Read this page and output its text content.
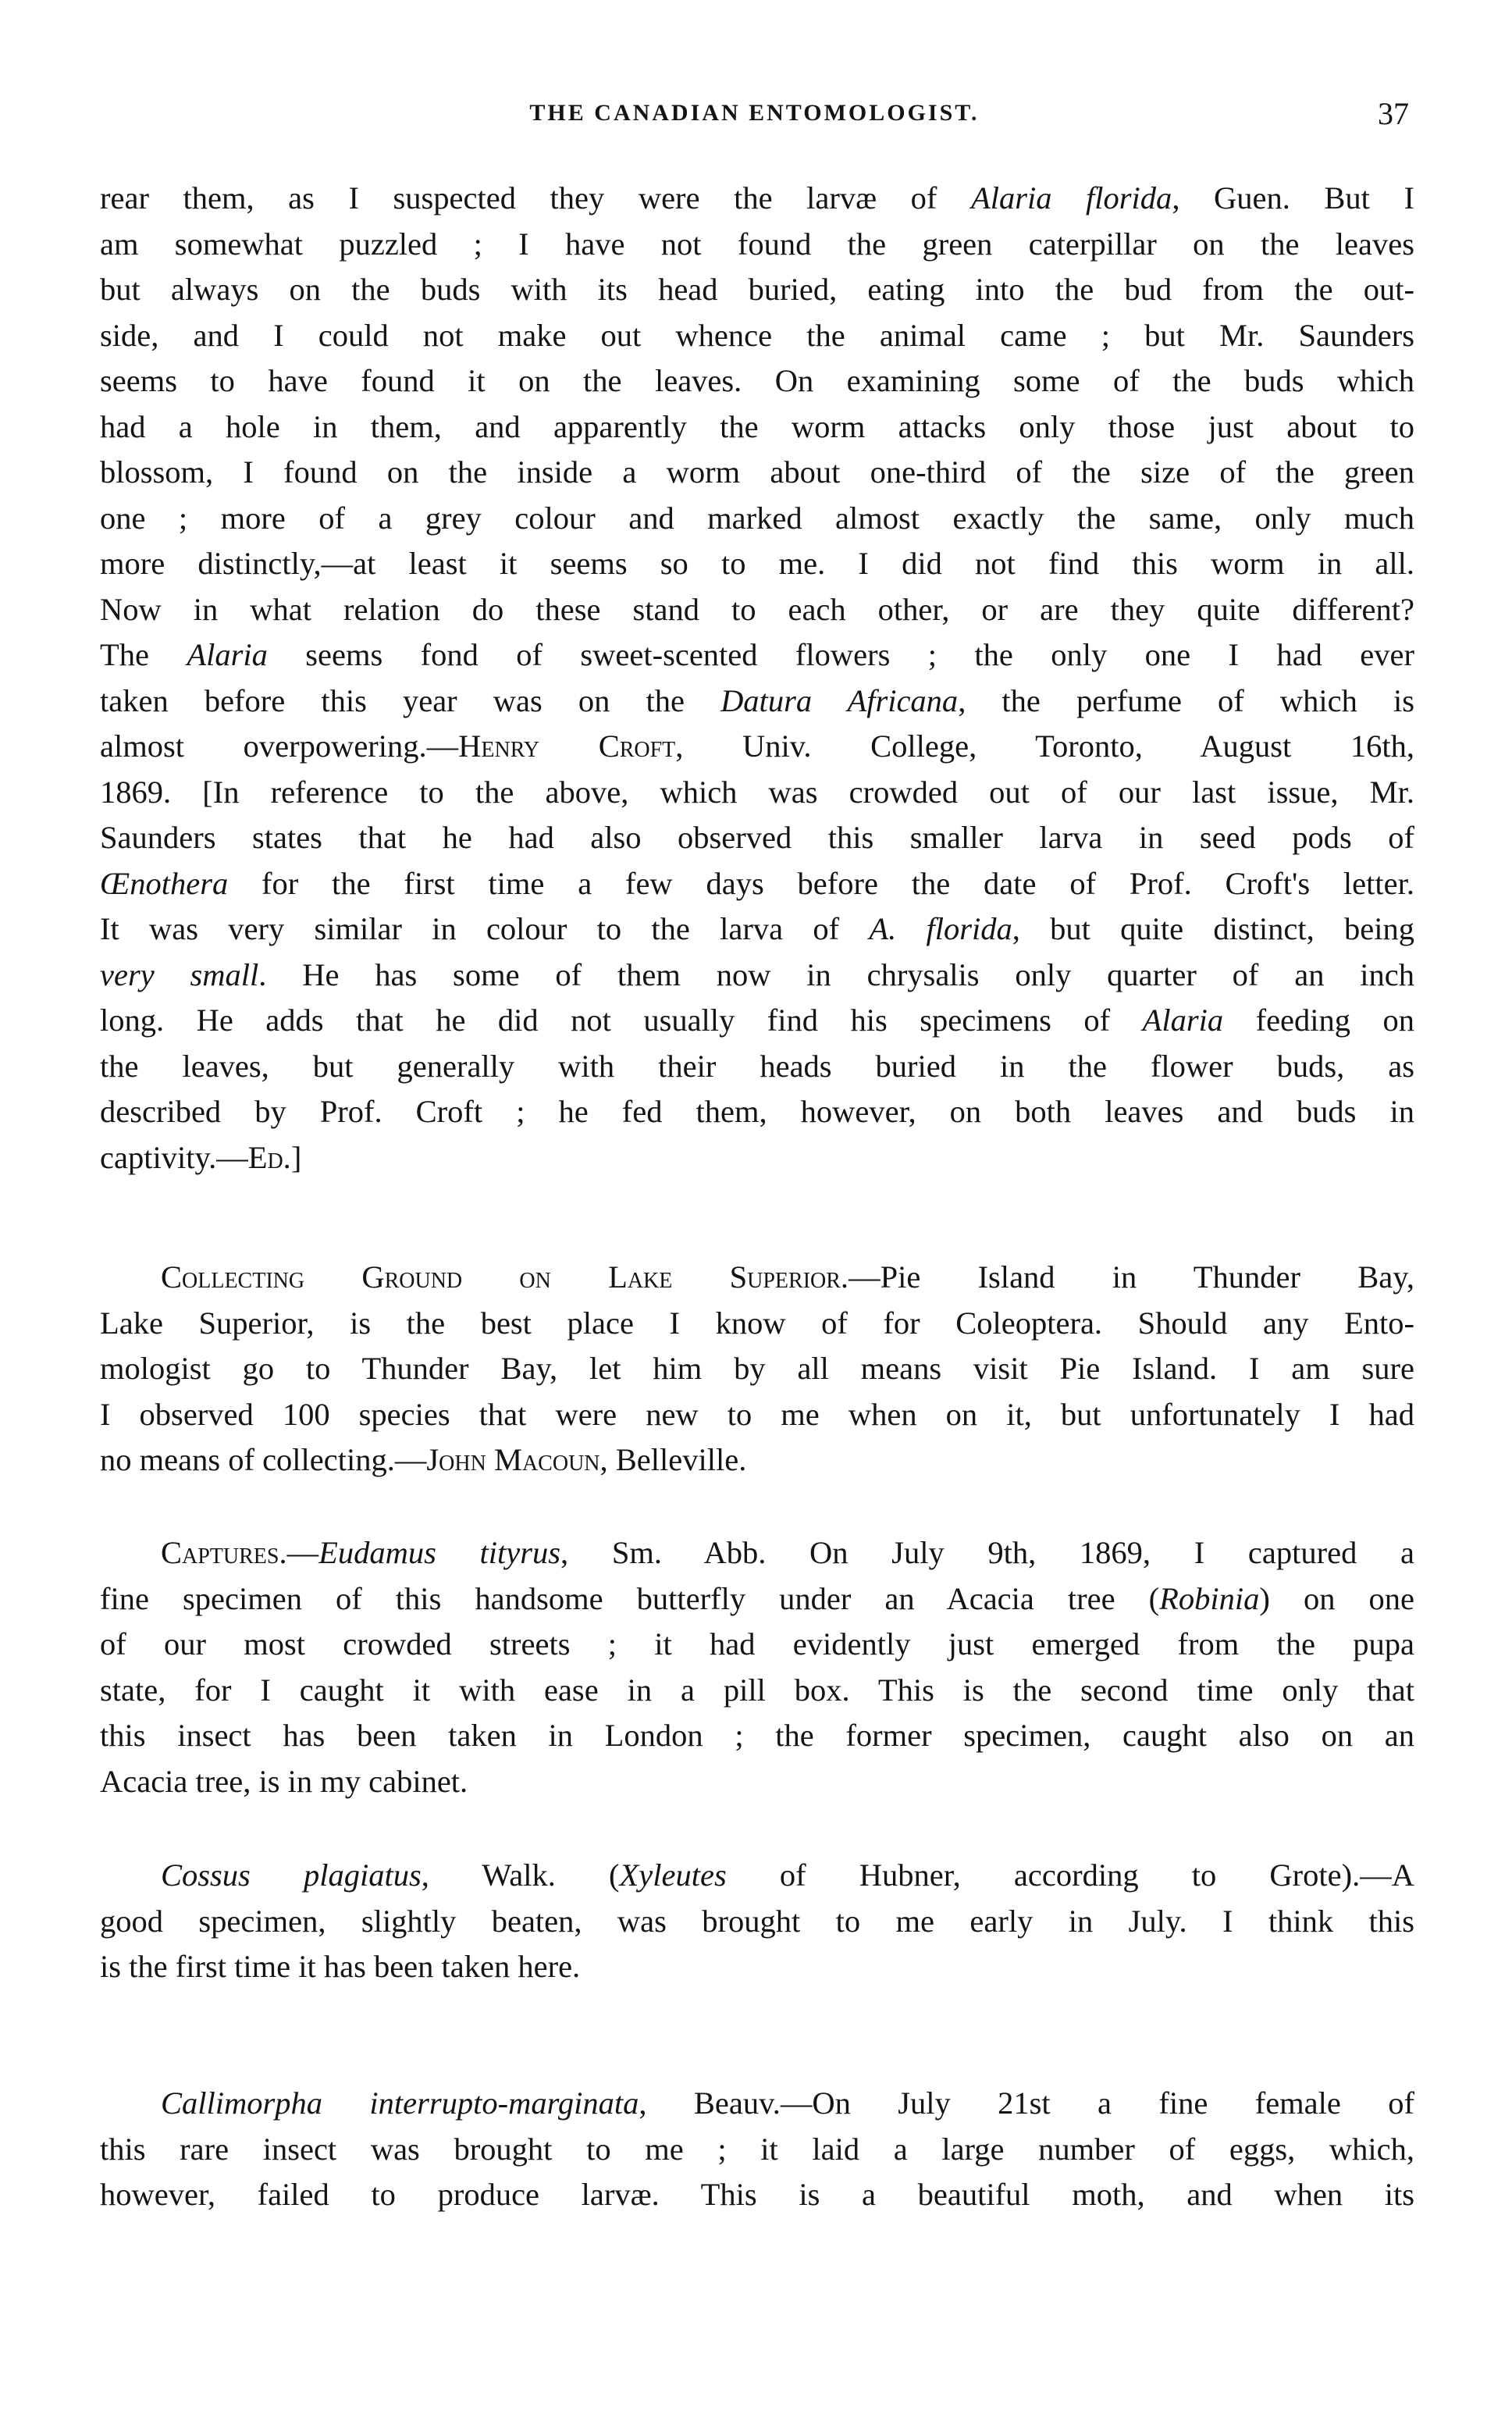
THE CANADIAN ENTOMOLOGIST.	37
rear them, as I suspected they were the larvæ of Alaria florida, Guen. But I
am somewhat puzzled ; I have not found the green caterpillar on the leaves
but always on the buds with its head buried, eating into the bud from the out-
side, and I could not make out whence the animal came ; but Mr. Saunders
seems to have found it on the leaves. On examining some of the buds which
had a hole in them, and apparently the worm attacks only those just about to
blossom, I found on the inside a worm about one-third of the size of the green
one ; more of a grey colour and marked almost exactly the same, only much
more distinctly,—at least it seems so to me. I did not find this worm in all.
Now in what relation do these stand to each other, or are they quite different?
The Alaria seems fond of sweet-scented flowers ; the only one I had ever
taken before this year was on the Datura Africana, the perfume of which is
almost overpowering.—Henry Croft, Univ. College, Toronto, August 16th,
1869. [In reference to the above, which was crowded out of our last issue, Mr.
Saunders states that he had also observed this smaller larva in seed pods of
Œnothera for the first time a few days before the date of Prof. Croft's letter.
It was very similar in colour to the larva of A. florida, but quite distinct, being
very small. He has some of them now in chrysalis only quarter of an inch
long. He adds that he did not usually find his specimens of Alaria feeding on
the leaves, but generally with their heads buried in the flower buds, as
described by Prof. Croft ; he fed them, however, on both leaves and buds in
captivity.—Ed.]
Collecting Ground on Lake Superior.—Pie Island in Thunder Bay,
Lake Superior, is the best place I know of for Coleoptera. Should any Ento-
mologist go to Thunder Bay, let him by all means visit Pie Island. I am sure
I observed 100 species that were new to me when on it, but unfortunately I had
no means of collecting.—John Macoun, Belleville.
Captures.—Eudamus tityrus, Sm. Abb. On July 9th, 1869, I captured a
fine specimen of this handsome butterfly under an Acacia tree (Robinia) on one
of our most crowded streets ; it had evidently just emerged from the pupa
state, for I caught it with ease in a pill box. This is the second time only that
this insect has been taken in London ; the former specimen, caught also on an
Acacia tree, is in my cabinet.
Cossus plagiatus, Walk. (Xyleutes of Hubner, according to Grote).—A
good specimen, slightly beaten, was brought to me early in July. I think this
is the first time it has been taken here.
Callimorpha interrupto-marginata, Beauv.—On July 21st a fine female of
this rare insect was brought to me ; it laid a large number of eggs, which,
however, failed to produce larvæ. This is a beautiful moth, and when its
